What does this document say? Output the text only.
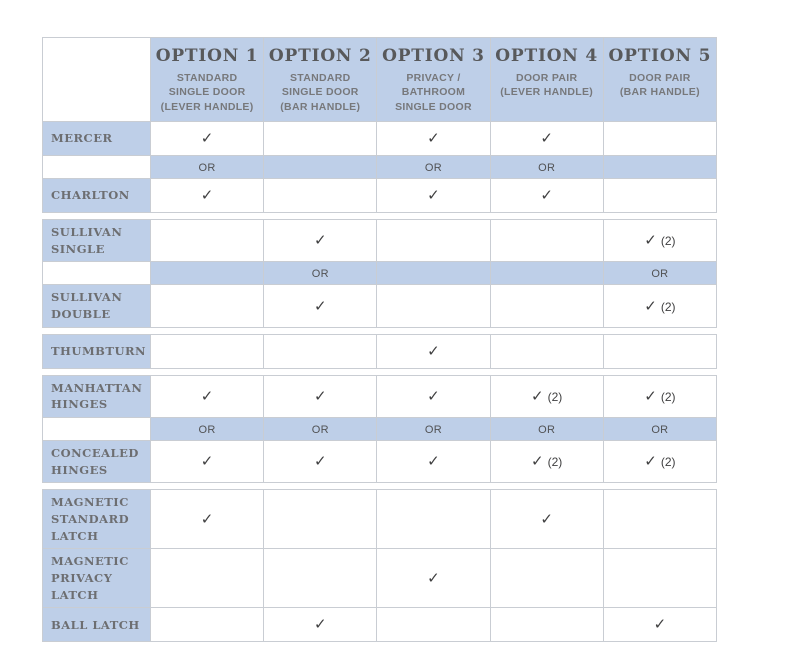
OPTION 1
STANDARD
SINGLE DOOR
(LEVER HANDLE)

OPTION 2
STANDARD
SINGLE DOOR
(BAR HANDLE)

OPTION 3
PRIVACY /
BATHROOM
SINGLE DOOR

OPTION 4
DOOR PAIR
(LEVER HANDLE)

OPTION 5
DOOR PAIR
(BAR HANDLE)

MERCER	✓		✓	✓	
	OR		OR	OR	
CHARLTON	✓		✓	✓	

SULLIVAN SINGLE		✓			✓ (2)
		OR			OR
SULLIVAN DOUBLE		✓			✓ (2)

THUMBTURN			✓		

MANHATTAN HINGES	✓	✓	✓	✓ (2)	✓ (2)
	OR	OR	OR	OR	OR
CONCEALED HINGES	✓	✓	✓	✓ (2)	✓ (2)

MAGNETIC STANDARD LATCH	✓			✓	
MAGNETIC PRIVACY LATCH			✓		
BALL LATCH		✓			✓
